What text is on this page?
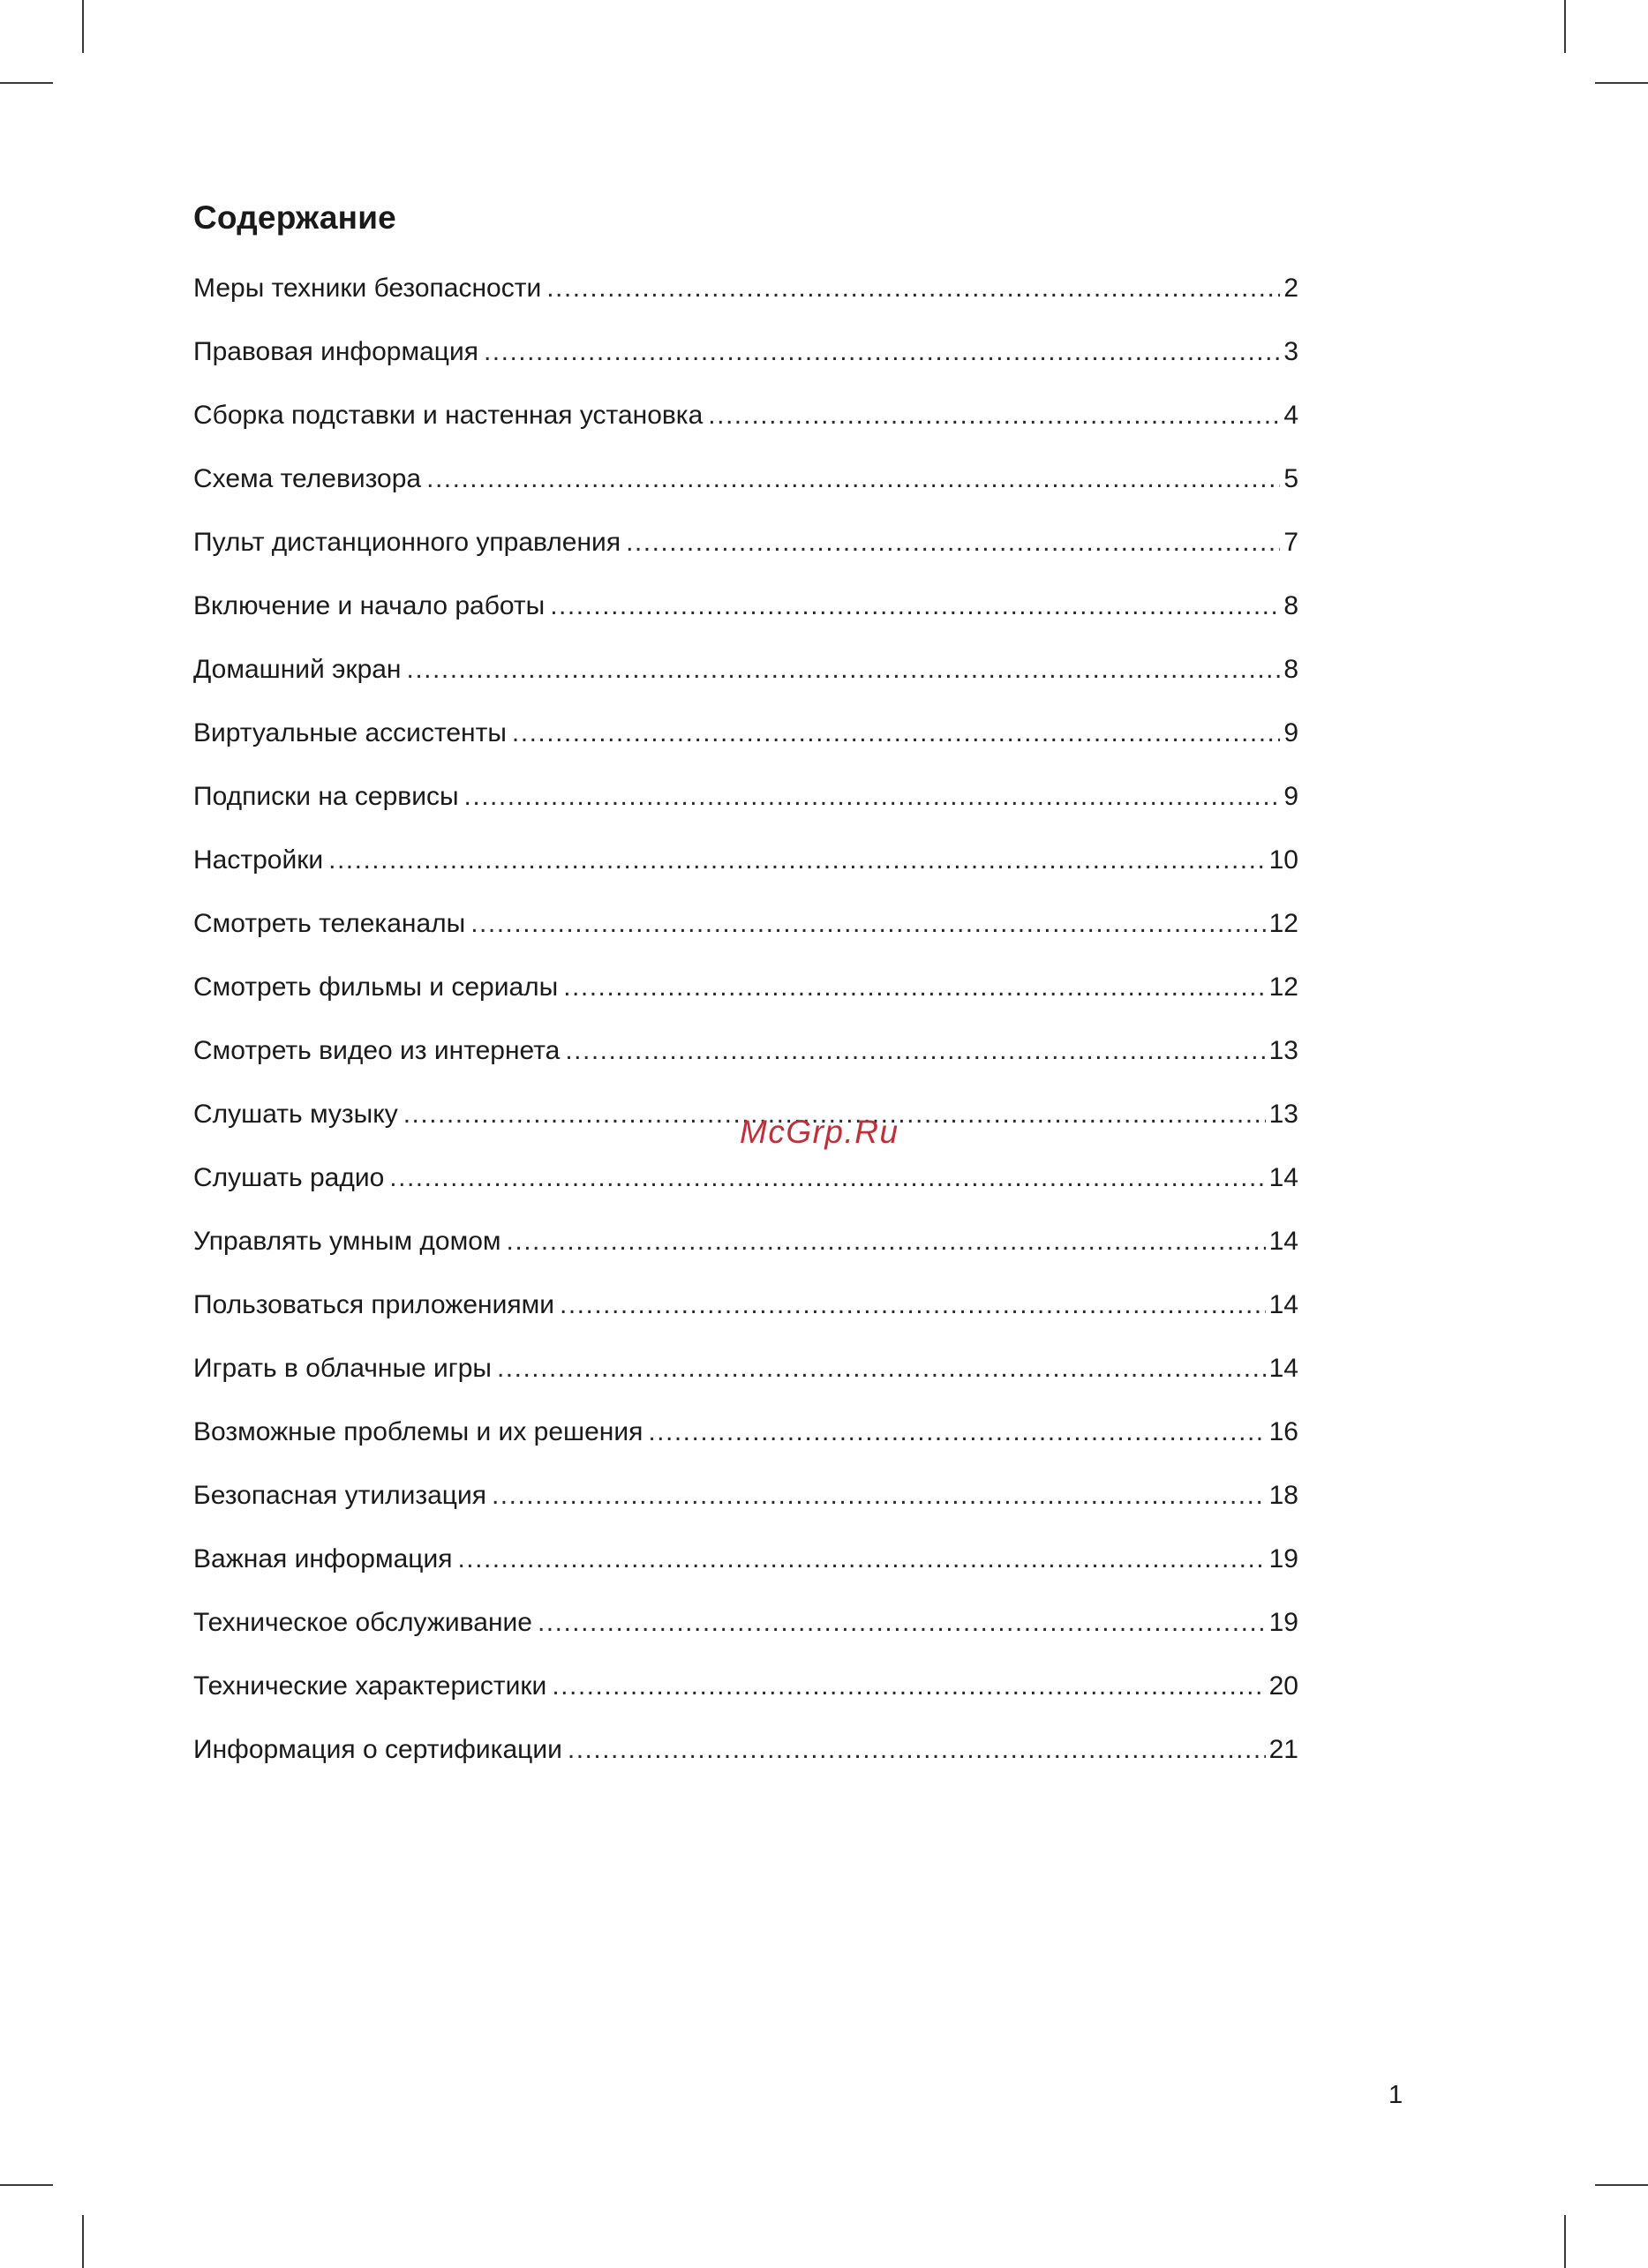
Содержание
Меры техники безопасности .....	2
Правовая информация .....	3
Сборка подставки и настенная установка .....	4
Схема телевизора .....	5
Пульт дистанционного управления .....	7
Включение и начало работы .....	8
Домашний экран .....	8
Виртуальные ассистенты .....	9
Подписки на сервисы .....	9
Настройки .....	10
Смотреть телеканалы .....	12
Смотреть фильмы и сериалы .....	12
Смотреть видео из интернета .....	13
Слушать музыку .....	13
Слушать радио .....	14
Управлять умным домом .....	14
Пользоваться приложениями .....	14
Играть в облачные игры .....	14
Возможные проблемы и их решения .....	16
Безопасная утилизация .....	18
Важная информация .....	19
Техническое обслуживание .....	19
Технические характеристики .....	20
Информация о сертификации .....	21
McGrp.Ru
1
